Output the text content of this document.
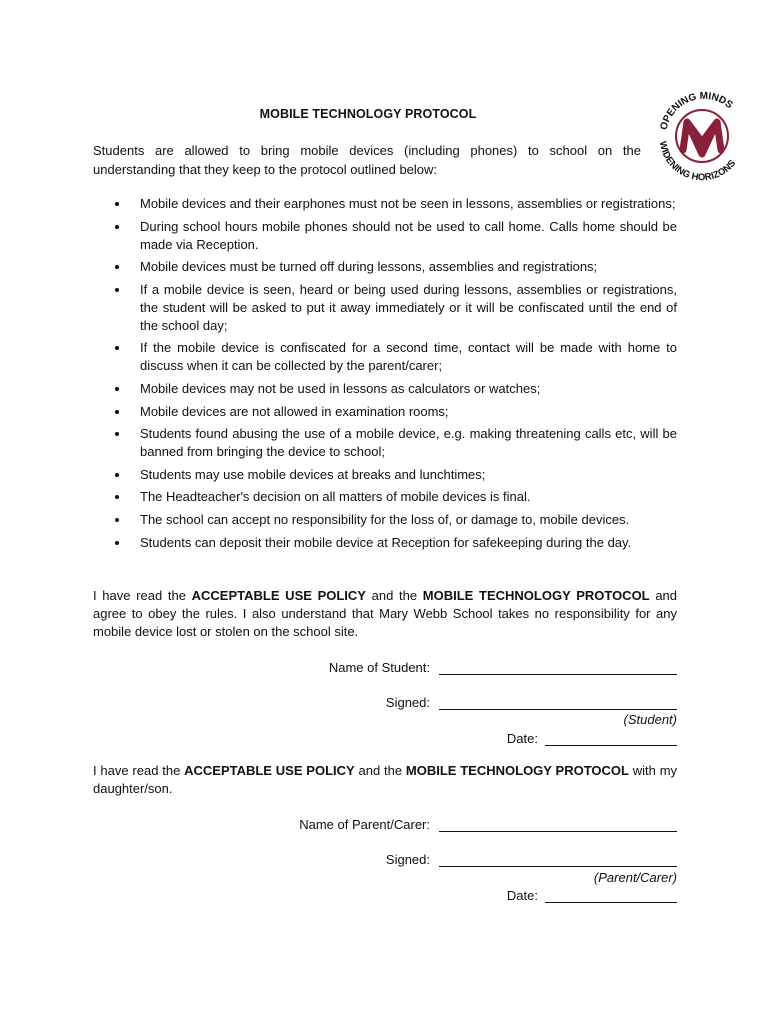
OPENING MINDS
WIDENING HORIZONS
MOBILE TECHNOLOGY PROTOCOL
Students are allowed to bring mobile devices (including phones) to school on the understanding that they keep to the protocol outlined below:
Mobile devices and their earphones must not be seen in lessons, assemblies or registrations;
During school hours mobile phones should not be used to call home. Calls home should be made via Reception.
Mobile devices must be turned off during lessons, assemblies and registrations;
If a mobile device is seen, heard or being used during lessons, assemblies or registrations, the student will be asked to put it away immediately or it will be confiscated until the end of the school day;
If the mobile device is confiscated for a second time, contact will be made with home to discuss when it can be collected by the parent/carer;
Mobile devices may not be used in lessons as calculators or watches;
Mobile devices are not allowed in examination rooms;
Students found abusing the use of a mobile device, e.g. making threatening calls etc, will be banned from bringing the device to school;
Students may use mobile devices at breaks and lunchtimes;
The Headteacher's decision on all matters of mobile devices is final.
The school can accept no responsibility for the loss of, or damage to, mobile devices.
Students can deposit their mobile device at Reception for safekeeping during the day.
I have read the ACCEPTABLE USE POLICY and the MOBILE TECHNOLOGY PROTOCOL and agree to obey the rules. I also understand that Mary Webb School takes no responsibility for any mobile device lost or stolen on the school site.
Name of Student:
Signed:
(Student)
Date:
I have read the ACCEPTABLE USE POLICY and the MOBILE TECHNOLOGY PROTOCOL with my daughter/son.
Name of Parent/Carer:
Signed:
(Parent/Carer)
Date:
